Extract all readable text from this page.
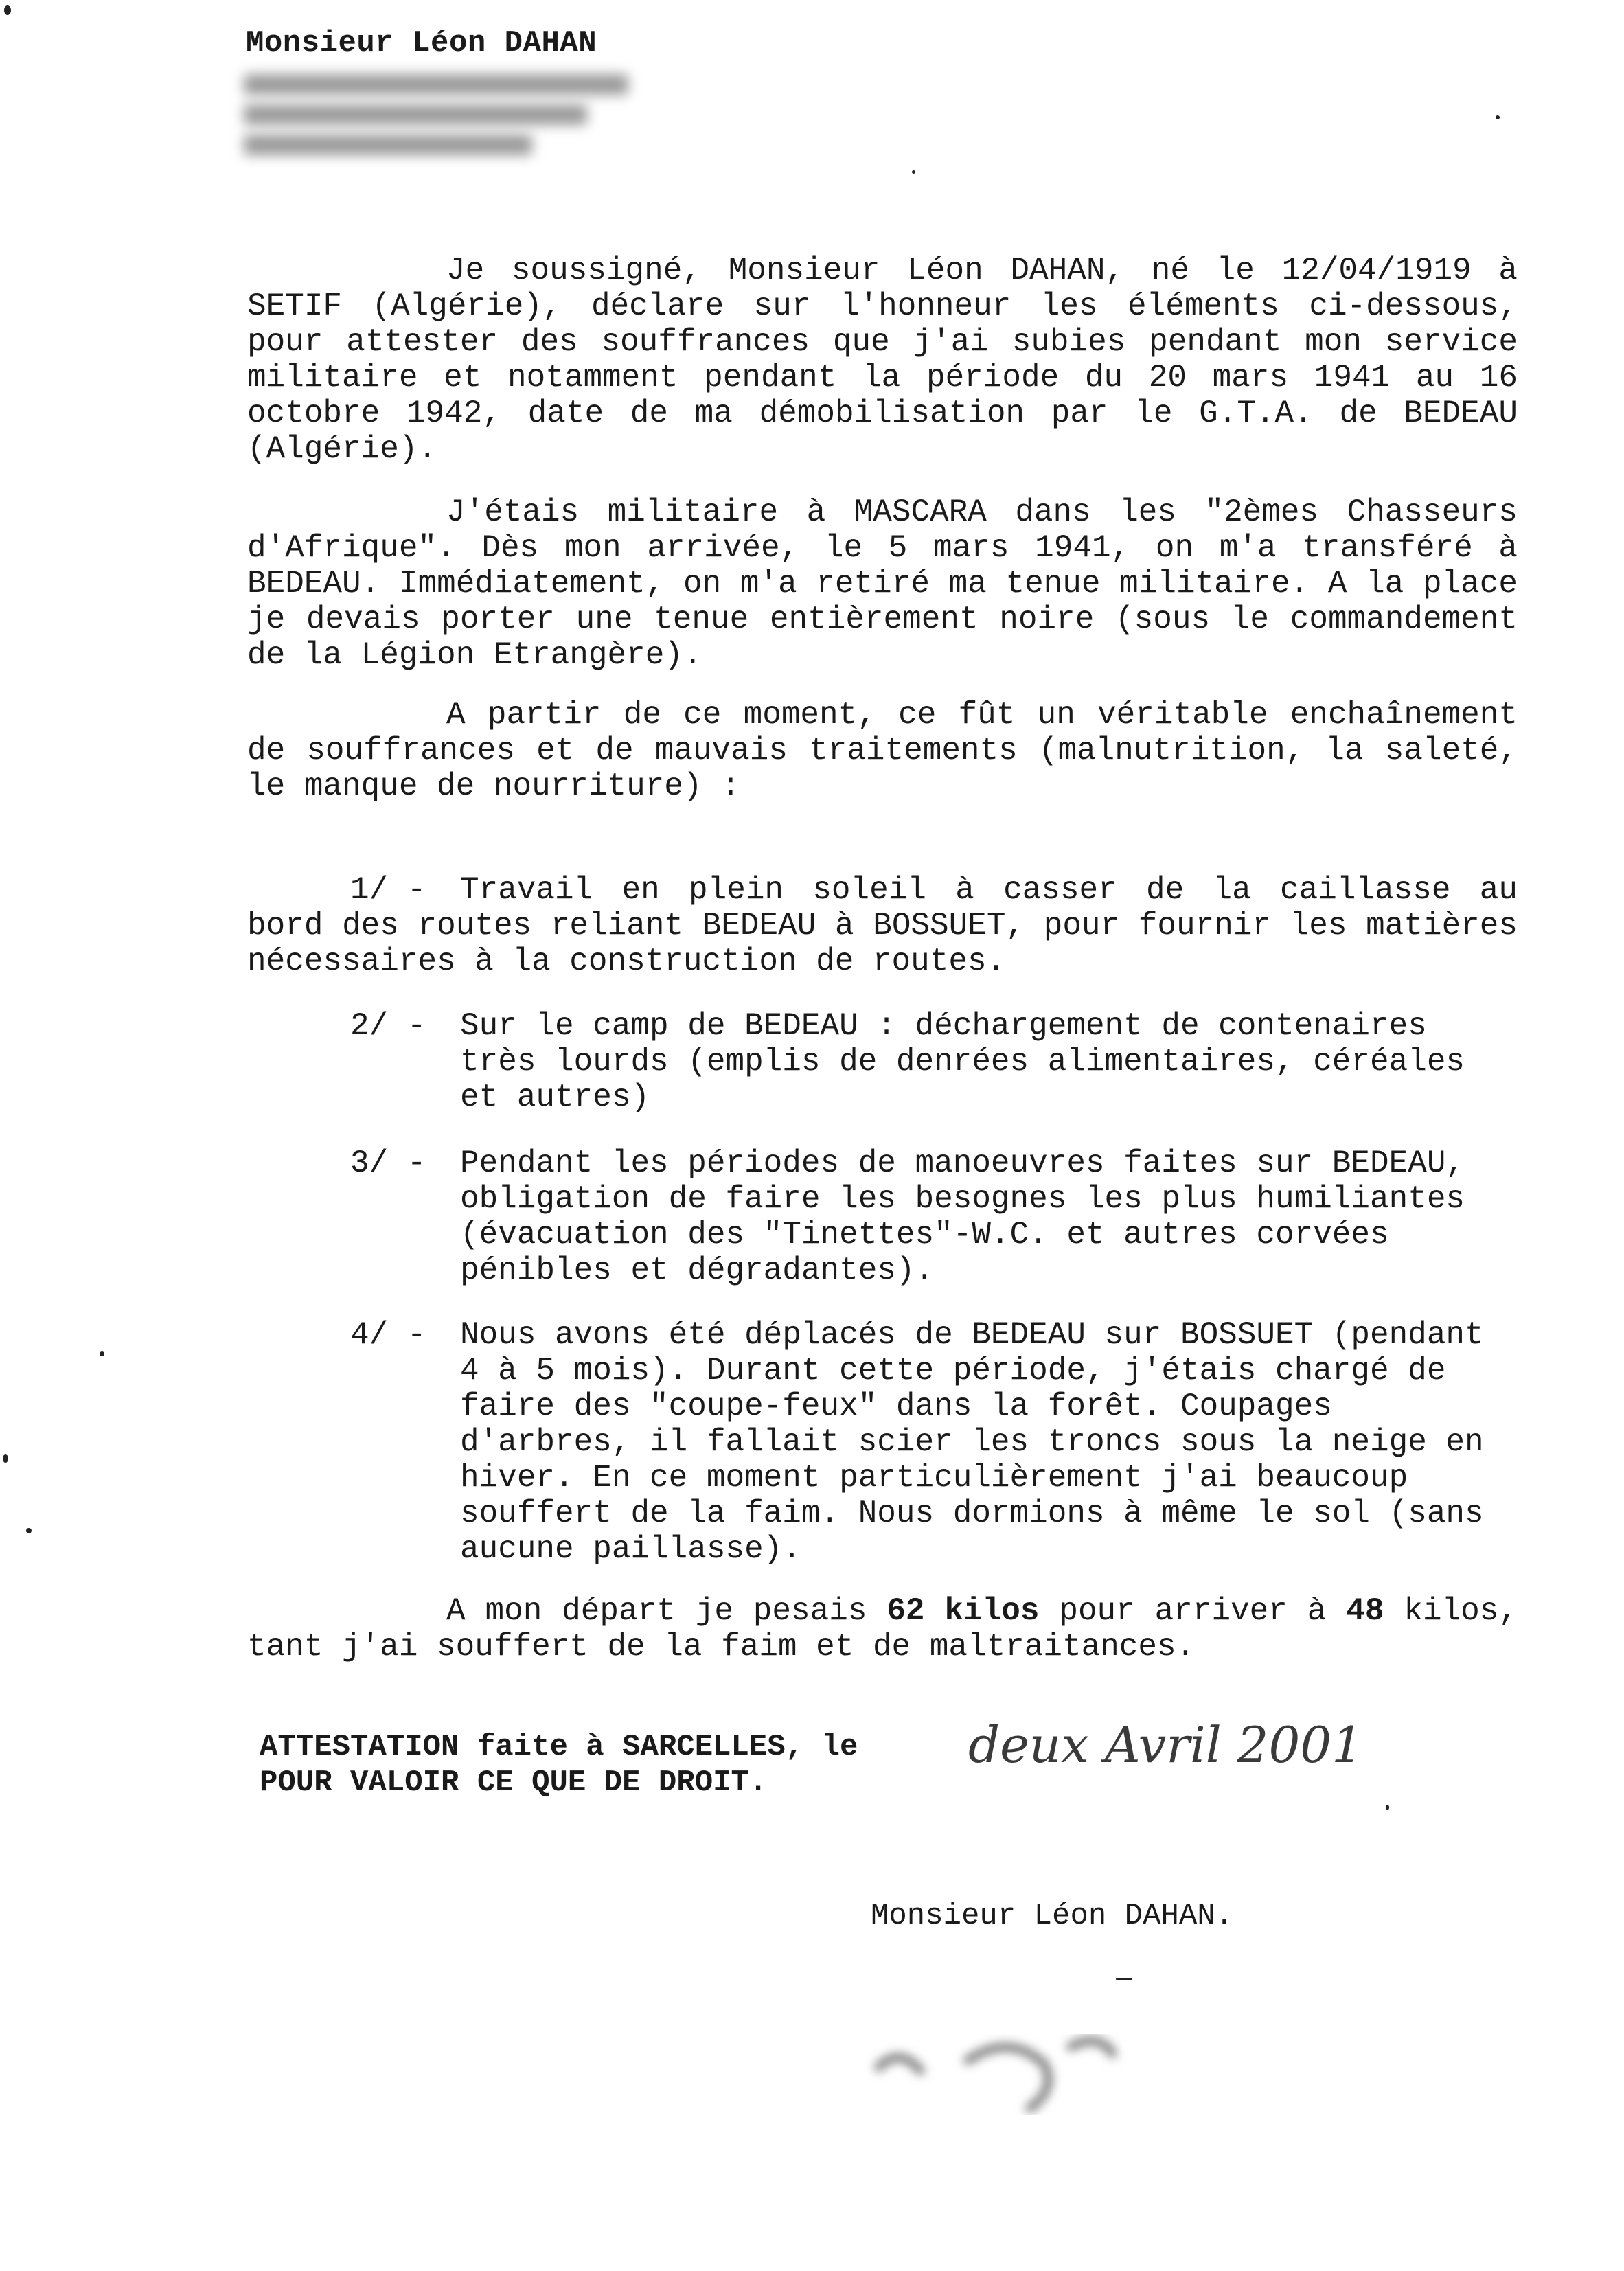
Monsieur Léon DAHAN

Je soussigné, Monsieur Léon DAHAN, né le 12/04/1919 à SETIF (Algérie), déclare sur l'honneur les éléments ci-dessous, pour attester des souffrances que j'ai subies pendant mon service militaire et notamment pendant la période du 20 mars 1941 au 16 octobre 1942, date de ma démobilisation par le G.T.A. de BEDEAU (Algérie).

J'étais militaire à MASCARA dans les "2èmes Chasseurs d'Afrique". Dès mon arrivée, le 5 mars 1941, on m'a transféré à BEDEAU. Immédiatement, on m'a retiré ma tenue militaire. A la place je devais porter une tenue entièrement noire (sous le commandement de la Légion Etrangère).

A partir de ce moment, ce fût un véritable enchaînement de souffrances et de mauvais traitements (malnutrition, la saleté, le manque de nourriture) :

1/ -	Travail en plein soleil à casser de la caillasse au bord des routes reliant BEDEAU à BOSSUET, pour fournir les matières nécessaires à la construction de routes.
2/ - Sur le camp de BEDEAU : déchargement de contenaires très lourds (emplis de denrées alimentaires, céréales et autres)
3/ - Pendant les périodes de manoeuvres faites sur BEDEAU, obligation de faire les besognes les plus humiliantes (évacuation des "Tinettes"-W.C. et autres corvées pénibles et dégradantes).
4/ - Nous avons été déplacés de BEDEAU sur BOSSUET (pendant 4 à 5 mois). Durant cette période, j'étais chargé de faire des "coupe-feux" dans la forêt. Coupages d'arbres, il fallait scier les troncs sous la neige en hiver. En ce moment particulièrement j'ai beaucoup souffert de la faim. Nous dormions à même le sol (sans aucune paillasse).

A mon départ je pesais 62 kilos pour arriver à 48 kilos, tant j'ai souffert de la faim et de maltraitances.

ATTESTATION faite à SARCELLES, le
POUR VALOIR CE QUE DE DROIT.
deux Avril 2001
Monsieur Léon DAHAN.
